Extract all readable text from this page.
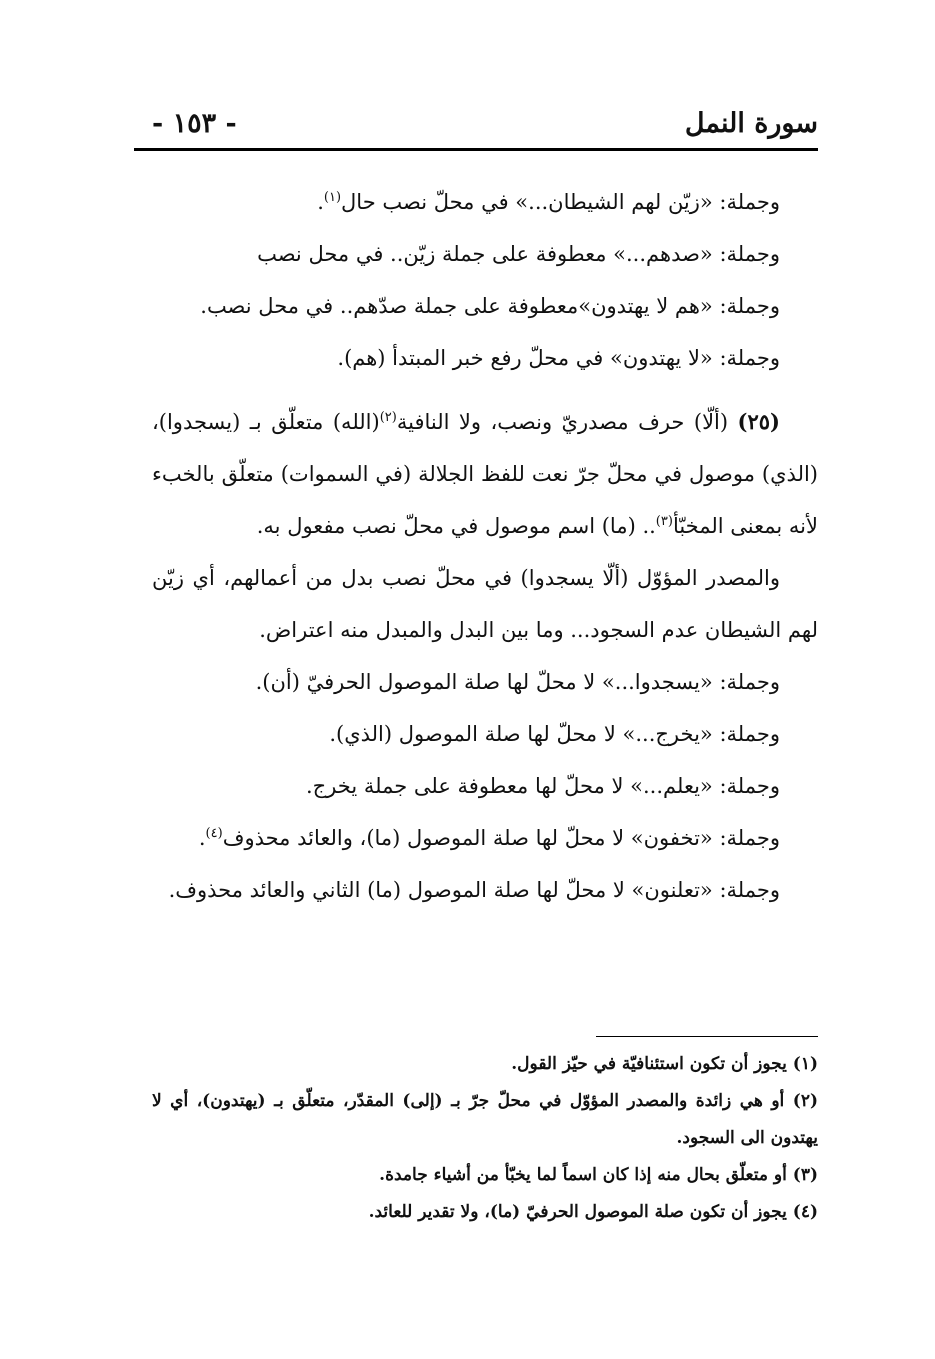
سورة النمل
- ١٥٣ -

وجملة: «زيّن لهم الشيطان...» في محلّ نصب حال$^{(١)}$.

وجملة: «صدهم...» معطوفة على جملة زيّن.. في محل نصب

وجملة: «هم لا يهتدون»معطوفة على جملة صدّهم.. في محل نصب.

وجملة: «لا يهتدون» في محلّ رفع خبر المبتدأ (هم).

(٢٥) (ألّا) حرف مصدريّ ونصب، ولا النافية$^{(٢)}$(الله) متعلّق بـ (يسجدوا)، (الذي) موصول في محلّ جرّ نعت للفظ الجلالة (في السموات) متعلّق بالخبء لأنه بمعنى المخبّأ$^{(٣)}$.. (ما) اسم موصول في محلّ نصب مفعول به.

والمصدر المؤوّل (ألّا يسجدوا) في محلّ نصب بدل من أعمالهم، أي زيّن لهم الشيطان عدم السجود... وما بين البدل والمبدل منه اعتراض.

وجملة: «يسجدوا...» لا محلّ لها صلة الموصول الحرفيّ (أن).

وجملة: «يخرج...» لا محلّ لها صلة الموصول (الذي).

وجملة: «يعلم...» لا محلّ لها معطوفة على جملة يخرج.

وجملة: «تخفون» لا محلّ لها صلة الموصول (ما)، والعائد محذوف$^{(٤)}$.

وجملة: «تعلنون» لا محلّ لها صلة الموصول (ما) الثاني والعائد محذوف.

(١) يجوز أن تكون استئنافيّة في حيّز القول.

(٢) أو هي زائدة والمصدر المؤوّل في محلّ جرّ بـ (إلى) المقدّر، متعلّق بـ (يهتدون)، أي لا يهتدون الى السجود.

(٣) أو متعلّق بحال منه إذا كان اسماً لما يخبّأ من أشياء جامدة.

(٤) يجوز أن تكون صلة الموصول الحرفيّ (ما)، ولا تقدير للعائد.
